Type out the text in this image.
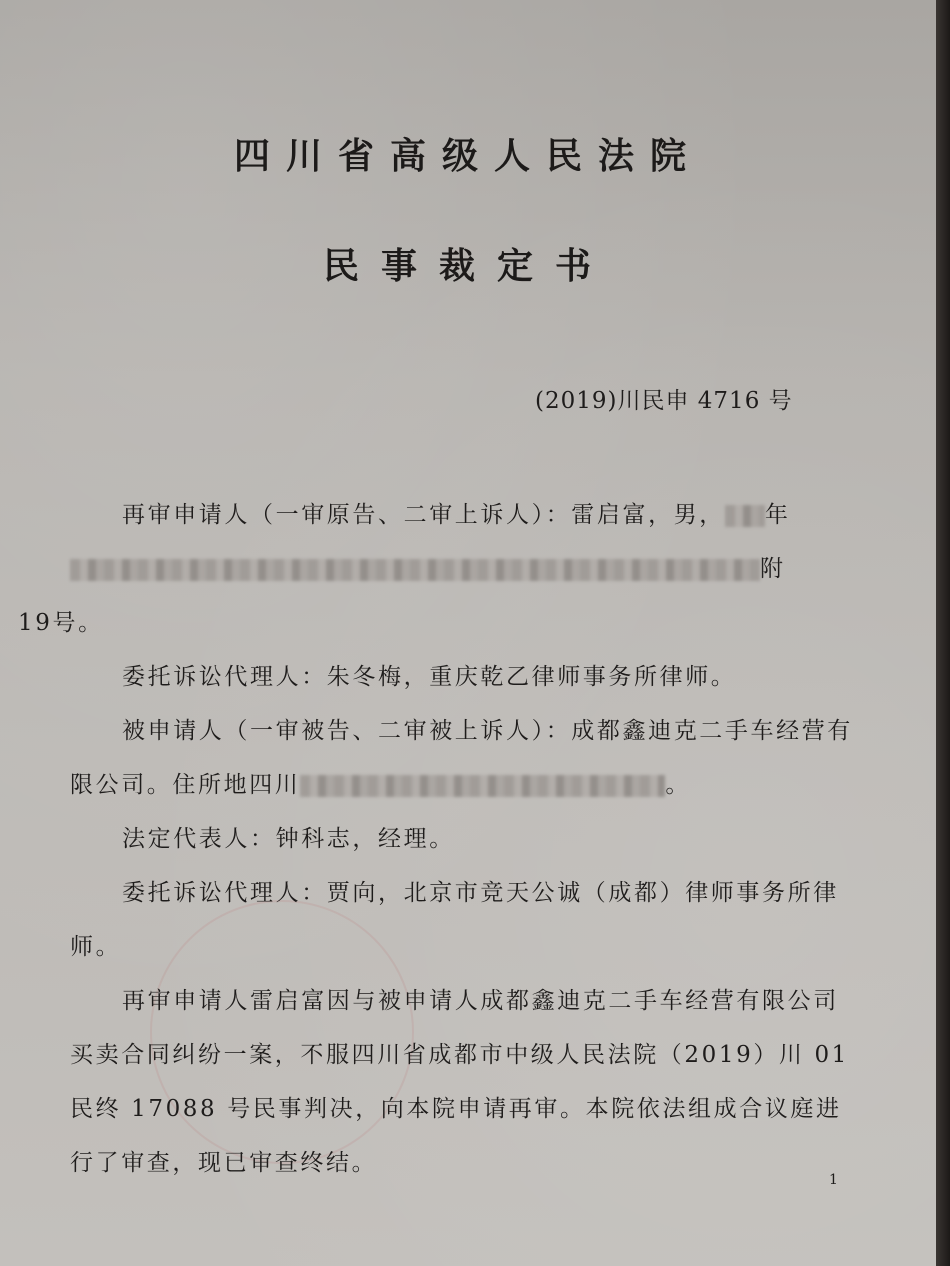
四川省高级人民法院
民事裁定书
(2019)川民申 4716 号

再审申请人（一审原告、二审上诉人）：雷启富，男， 年附
19号。

委托诉讼代理人：朱冬梅，重庆乾乙律师事务所律师。

被申请人（一审被告、二审被上诉人）：成都鑫迪克二手车经营有限公司。住所地四川	。

法定代表人：钟科志，经理。

委托诉讼代理人：贾向，北京市竞天公诚（成都）律师事务所律师。

再审申请人雷启富因与被申请人成都鑫迪克二手车经营有限公司买卖合同纠纷一案，不服四川省成都市中级人民法院（2019）川 01 民终 17088 号民事判决，向本院申请再审。本院依法组成合议庭进行了审查，现已审查终结。

1
